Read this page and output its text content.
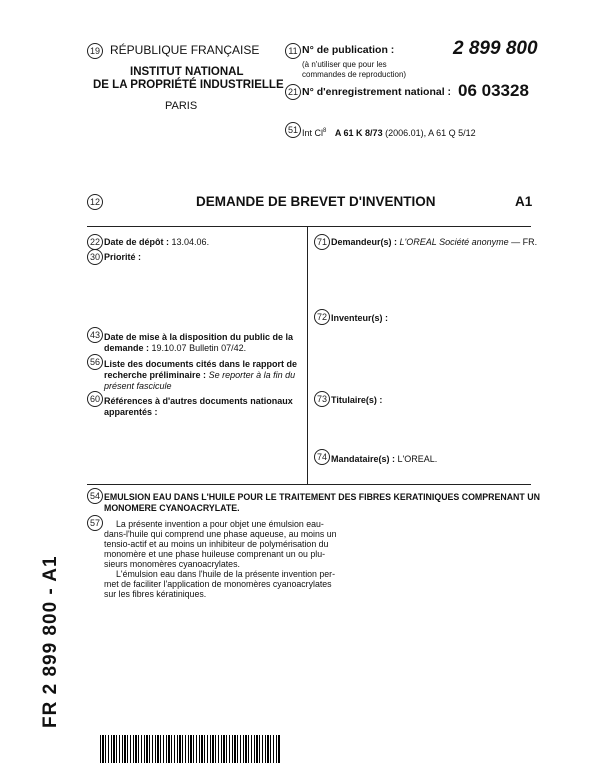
19 RÉPUBLIQUE FRANÇAISE
INSTITUT NATIONAL
DE LA PROPRIÉTÉ INDUSTRIELLE
PARIS
11 N° de publication :
(à n'utiliser que pour les
commandes de reproduction)
2 899 800
21 N° d'enregistrement national : 06 03328
51 Int Cl$^8$ A 61 K 8/73 (2006.01), A 61 Q 5/12
12	DEMANDE DE BREVET D'INVENTION	A1
22 Date de dépôt : 13.04.06.
30 Priorité :
43 Date de mise à la disposition du public de la
demande : 19.10.07 Bulletin 07/42.
56 Liste des documents cités dans le rapport de
recherche préliminaire : Se reporter à la fin du
présent fascicule
60 Références à d'autres documents nationaux
apparentés :
71 Demandeur(s) : L'OREAL Société anonyme — FR.
72 Inventeur(s) :
73 Titulaire(s) :
74 Mandataire(s) : L'OREAL.
54 EMULSION EAU DANS L'HUILE POUR LE TRAITEMENT DES FIBRES KERATINIQUES COMPRENANT UN
MONOMERE CYANOACRYLATE.
57	La présente invention a pour objet une émulsion eau-
dans-l'huile qui comprend une phase aqueuse, au moins un
tensio-actif et au moins un inhibiteur de polymérisation du
monomère et une phase huileuse comprenant un ou plu-
sieurs monomères cyanoacrylates.
L'émulsion eau dans l'huile de la présente invention per-
met de faciliter l'application de monomères cyanoacrylates
sur les fibres kératiniques.
FR 2 899 800 - A1
